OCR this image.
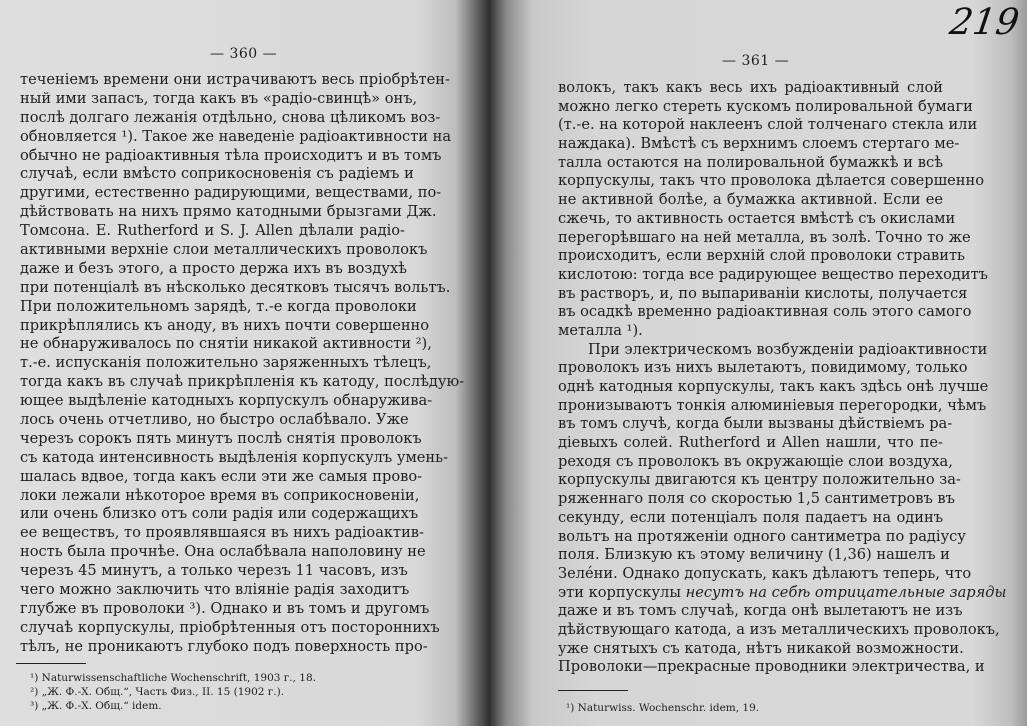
— 360 —
теченіемъ времени они истрачиваютъ весь пріобрѣтен-
ный ими запасъ, тогда какъ въ «радіо-свинцѣ» онъ,
послѣ долгаго лежанія отдѣльно, снова цѣликомъ воз-
обновляется ¹). Такое же наведеніе радіоактивности на
обычно не радіоактивныя тѣла происходитъ и въ томъ
случаѣ, если вмѣсто соприкосновенія съ радіемъ и
другими, естественно радирующими, веществами, по-
дѣйствовать на нихъ прямо катодными брызгами Дж.
Томсона. E. Rutherford и S. J. Allen дѣлали радіо-
активными верхніе слои металлическихъ проволокъ
даже и безъ этого, а просто держа ихъ въ воздухѣ
при потенціалѣ въ нѣсколько десятковъ тысячъ вольтъ.
При положительномъ зарядѣ, т.-е когда проволоки
прикрѣплялись къ аноду, въ нихъ почти совершенно
не обнаруживалось по снятіи никакой активности ²),
т.-е. испусканія положительно заряженныхъ тѣлецъ,
тогда какъ въ случаѣ прикрѣпленія къ катоду, послѣдую-
ющее выдѣленіе катодныхъ корпускулъ обнаружива-
лось очень отчетливо, но быстро ослабѣвало. Уже
черезъ сорокъ пять минутъ послѣ снятія проволокъ
съ катода интенсивность выдѣленія корпускулъ умень-
шалась вдвое, тогда какъ если эти же самыя прово-
локи лежали нѣкоторое время въ соприкосновеніи,
или очень близко отъ соли радія или содержащихъ
ее веществъ, то проявлявшаяся въ нихъ радіоактив-
ность была прочнѣе. Она ослабѣвала наполовину не
черезъ 45 минутъ, а только черезъ 11 часовъ, изъ
чего можно заключить что вліяніе радія заходитъ
глубже въ проволоки ³). Однако и въ томъ и другомъ
случаѣ корпускулы, пріобрѣтенныя отъ постороннихъ
тѣлъ, не проникаютъ глубоко подъ поверхность про-
¹) Naturwissenschaftliche Wochenschrift, 1903 г., 18.
²) „Ж. Ф.-Х. Общ.“, Часть Физ., II. 15 (1902 г.).
³) „Ж. Ф.-Х. Общ.“ idem.
219
— 361 —
волокъ, такъ какъ весь ихъ радіоактивный слой
можно легко стереть кускомъ полировальной бумаги
(т.-е. на которой наклеенъ слой толченаго стекла или
наждака). Вмѣстѣ съ верхнимъ слоемъ стертаго ме-
талла остаются на полировальной бумажкѣ и всѣ
корпускулы, такъ что проволока дѣлается совершенно
не активной болѣе, а бумажка активной. Если ее
сжечь, то активность остается вмѣстѣ съ окислами
перегорѣвшаго на ней металла, въ золѣ. Точно то же
происходитъ, если верхній слой проволоки стравить
кислотою: тогда все радирующее вещество переходитъ
въ растворъ, и, по выпариваніи кислоты, получается
въ осадкѣ временно радіоактивная соль этого самого
металла ¹).
При электрическомъ возбужденіи радіоактивности
проволокъ изъ нихъ вылетаютъ, повидимому, только
однѣ катодныя корпускулы, такъ какъ здѣсь онѣ лучше
пронизываютъ тонкія алюминіевыя перегородки, чѣмъ
въ томъ случѣ, когда были вызваны дѣйствіемъ ра-
діевыхъ солей. Rutherford и Allen нашли, что пе-
реходя съ проволокъ въ окружающіе слои воздуха,
корпускулы двигаются къ центру положительно за-
ряженнаго поля со скоростью 1,5 сантиметровъ въ
секунду, если потенціалъ поля падаетъ на одинъ
вольтъ на протяженіи одного сантиметра по радіусу
поля. Близкую къ этому величину (1,36) нашелъ и
Зелéни. Однако допускать, какъ дѣлаютъ теперь, что
эти корпускулы несутъ на себѣ отрицательные заряды
даже и въ томъ случаѣ, когда онѣ вылетаютъ не изъ
дѣйствующаго катода, а изъ металлическихъ проволокъ,
уже снятыхъ съ катода, нѣтъ никакой возможности.
Проволоки—прекрасные проводники электричества, и
¹) Naturwiss. Wochenschr. idem, 19.
